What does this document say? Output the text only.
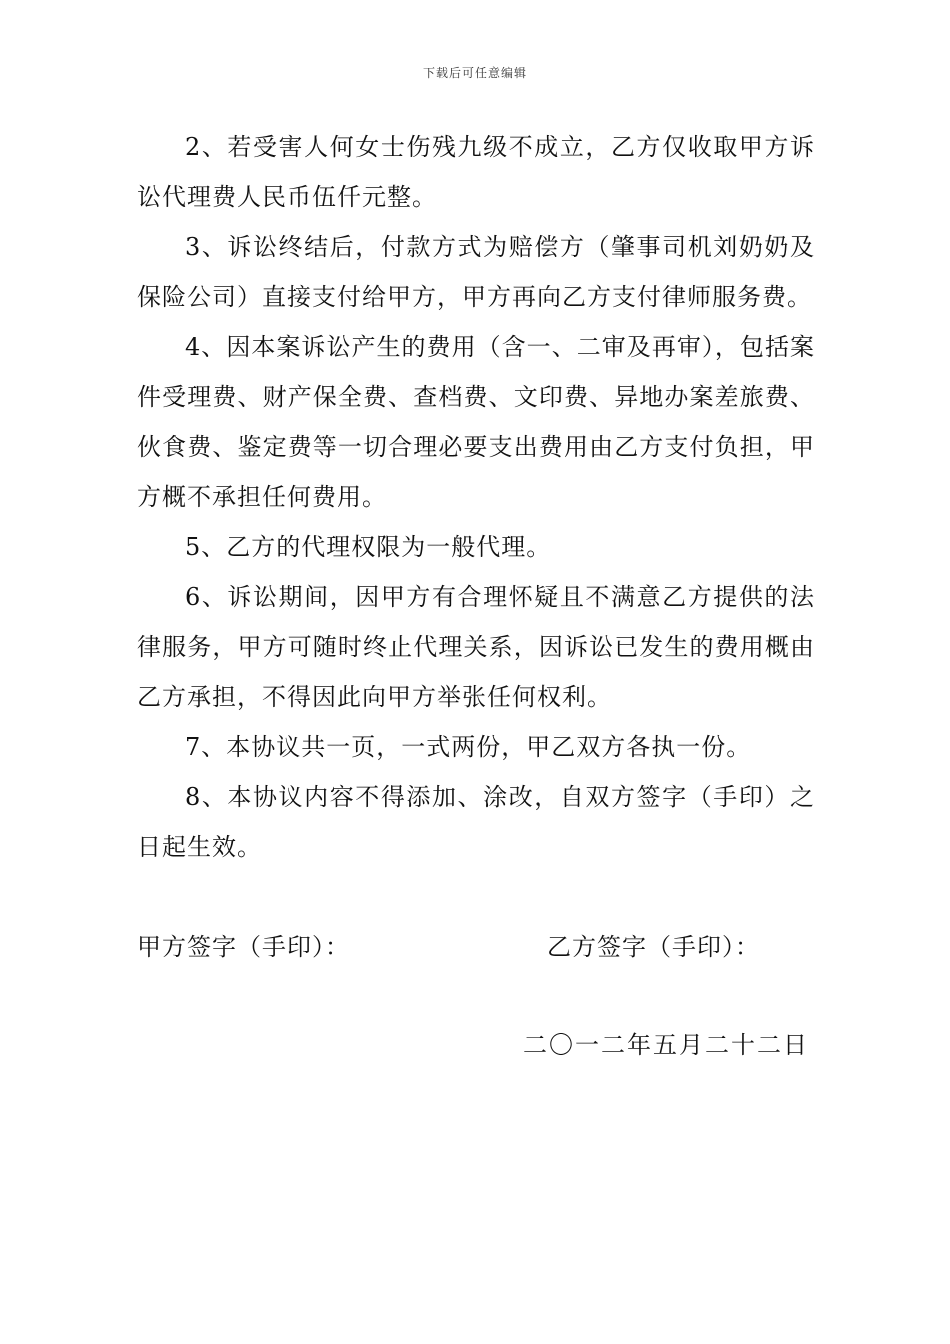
下载后可任意编辑

2、若受害人何女士伤残九级不成立，乙方仅收取甲方诉讼代理费人民币伍仟元整。

3、诉讼终结后，付款方式为赔偿方（肇事司机刘奶奶及保险公司）直接支付给甲方，甲方再向乙方支付律师服务费。

4、因本案诉讼产生的费用（含一、二审及再审），包括案件受理费、财产保全费、查档费、文印费、异地办案差旅费、伙食费、鉴定费等一切合理必要支出费用由乙方支付负担，甲方概不承担任何费用。

5、乙方的代理权限为一般代理。

6、诉讼期间，因甲方有合理怀疑且不满意乙方提供的法律服务，甲方可随时终止代理关系，因诉讼已发生的费用概由乙方承担，不得因此向甲方举张任何权利。

7、本协议共一页，一式两份，甲乙双方各执一份。

8、本协议内容不得添加、涂改，自双方签字（手印）之日起生效。

甲方签字（手印）：	乙方签字（手印）：
二〇一二年五月二十二日
